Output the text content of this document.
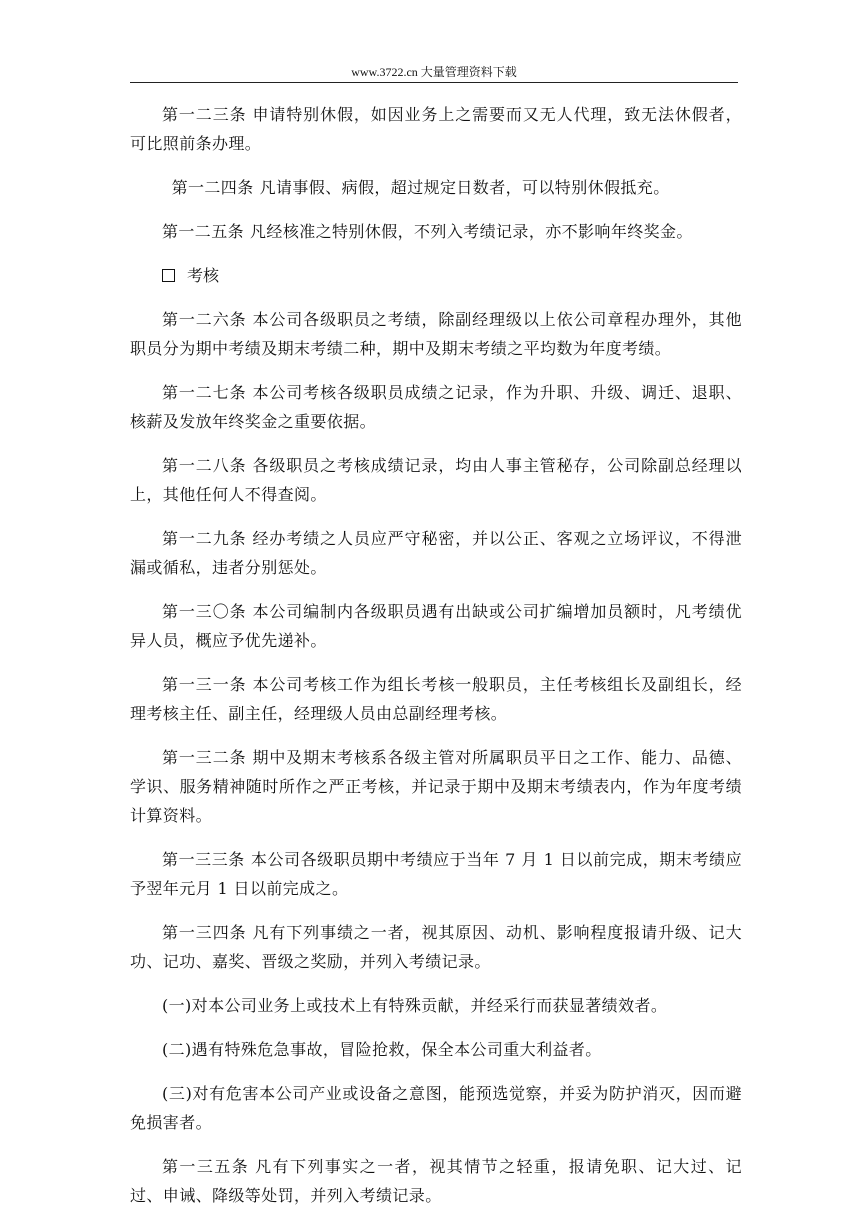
www.3722.cn 大量管理资料下载

第一二三条 申请特别休假，如因业务上之需要而又无人代理，致无法休假者，可比照前条办理。

第一二四条 凡请事假、病假，超过规定日数者，可以特别休假抵充。

第一二五条 凡经核准之特别休假，不列入考绩记录，亦不影响年终奖金。

考核

第一二六条 本公司各级职员之考绩，除副经理级以上依公司章程办理外，其他职员分为期中考绩及期末考绩二种，期中及期末考绩之平均数为年度考绩。

第一二七条 本公司考核各级职员成绩之记录，作为升职、升级、调迁、退职、核薪及发放年终奖金之重要依据。

第一二八条 各级职员之考核成绩记录，均由人事主管秘存，公司除副总经理以上，其他任何人不得查阅。

第一二九条 经办考绩之人员应严守秘密，并以公正、客观之立场评议，不得泄漏或循私，违者分别惩处。

第一三〇条 本公司编制内各级职员遇有出缺或公司扩编增加员额时，凡考绩优异人员，概应予优先递补。

第一三一条 本公司考核工作为组长考核一般职员，主任考核组长及副组长，经理考核主任、副主任，经理级人员由总副经理考核。

第一三二条 期中及期末考核系各级主管对所属职员平日之工作、能力、品德、学识、服务精神随时所作之严正考核，并记录于期中及期末考绩表内，作为年度考绩计算资料。

第一三三条 本公司各级职员期中考绩应于当年 7 月 1 日以前完成，期末考绩应予翌年元月 1 日以前完成之。

第一三四条 凡有下列事绩之一者，视其原因、动机、影响程度报请升级、记大功、记功、嘉奖、晋级之奖励，并列入考绩记录。

(一)对本公司业务上或技术上有特殊贡献，并经采行而获显著绩效者。

(二)遇有特殊危急事故，冒险抢救，保全本公司重大利益者。

(三)对有危害本公司产业或设备之意图，能预选觉察，并妥为防护消灭，因而避免损害者。

第一三五条 凡有下列事实之一者，视其情节之轻重，报请免职、记大过、记过、申诫、降级等处罚，并列入考绩记录。
